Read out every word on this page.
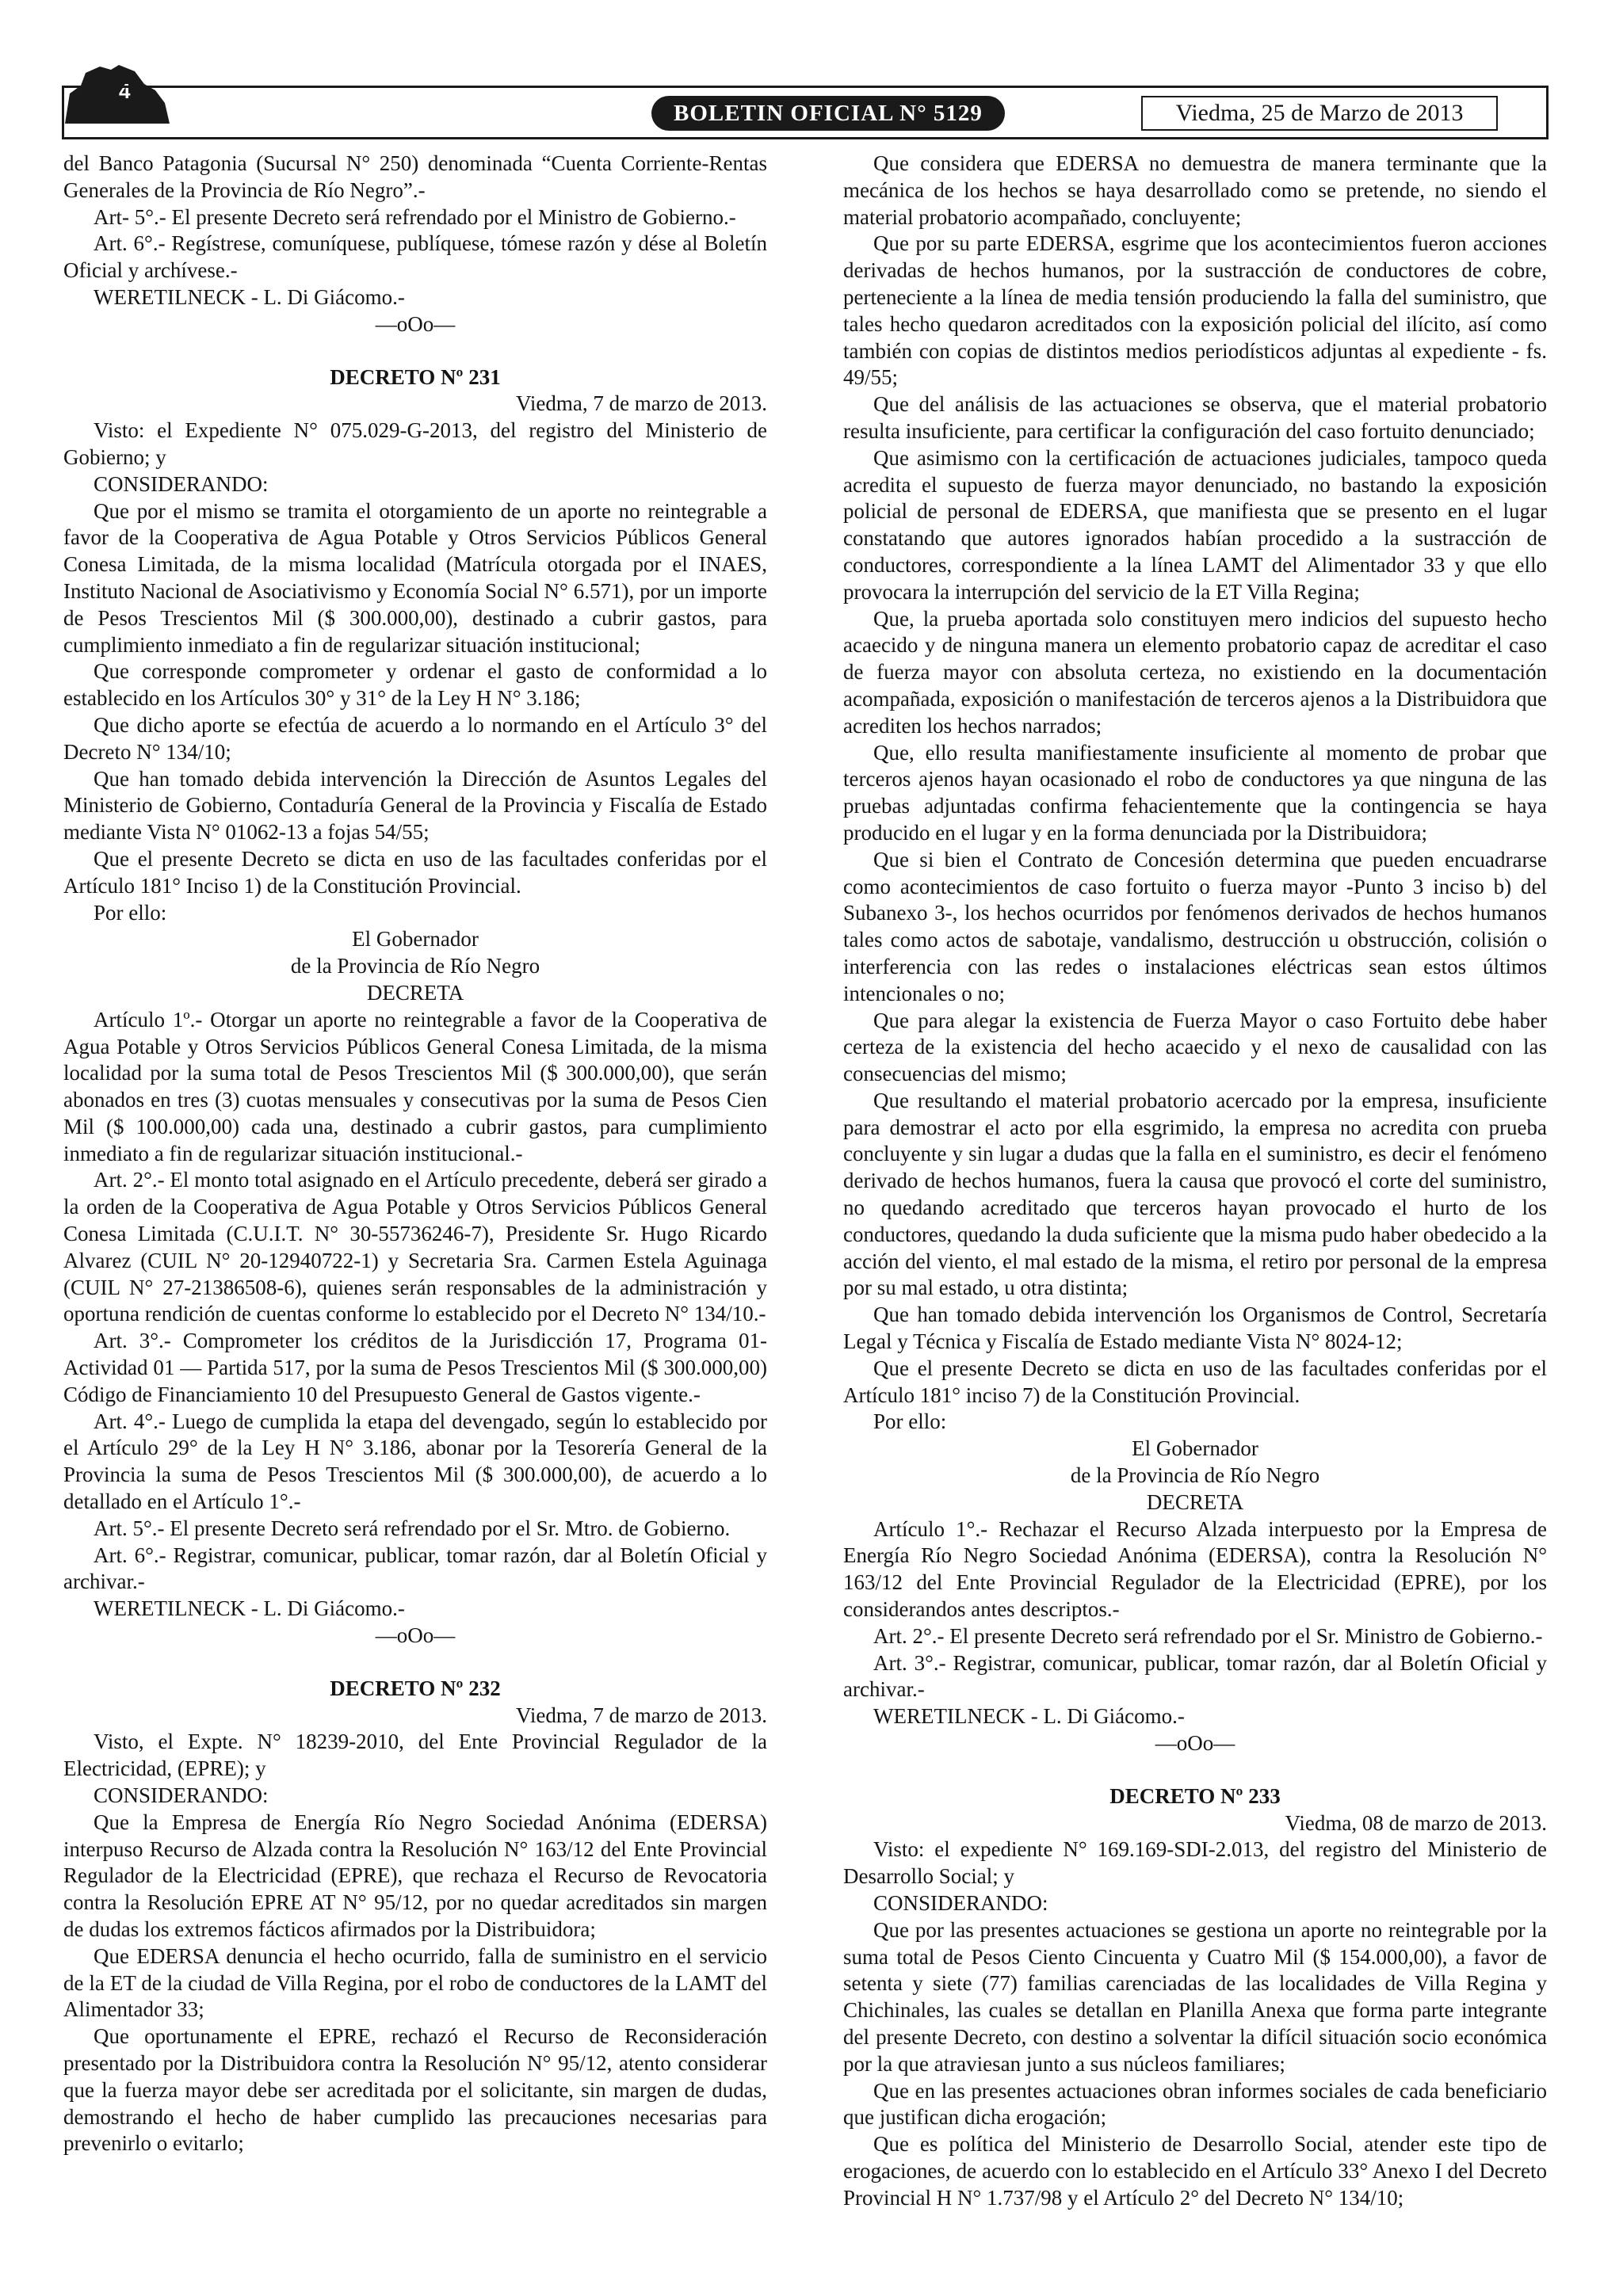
4
BOLETIN OFICIAL N° 5129	Viedma, 25 de Marzo de 2013

del Banco Patagonia (Sucursal N° 250) denominada “Cuenta Corriente-Rentas Generales de la Provincia de Río Negro”.-

Art- 5°.- El presente Decreto será refrendado por el Ministro de Gobierno.-

Art. 6°.- Regístrese, comuníquese, publíquese, tómese razón y dése al Boletín Oficial y archívese.-

WERETILNECK - L. Di Giácomo.-

—oOo—

DECRETO Nº 231

Viedma, 7 de marzo de 2013.

Visto: el Expediente N° 075.029-G-2013, del registro del Ministerio de Gobierno; y

CONSIDERANDO:

Que por el mismo se tramita el otorgamiento de un aporte no reintegrable a favor de la Cooperativa de Agua Potable y Otros Servicios Públicos General Conesa Limitada, de la misma localidad (Matrícula otorgada por el INAES, Instituto Nacional de Asociativismo y Economía Social N° 6.571), por un importe de Pesos Trescientos Mil ($ 300.000,00), destinado a cubrir gastos, para cumplimiento inmediato a fin de regularizar situación institucional;

Que corresponde comprometer y ordenar el gasto de conformidad a lo establecido en los Artículos 30° y 31° de la Ley H N° 3.186;

Que dicho aporte se efectúa de acuerdo a lo normando en el Artículo 3° del Decreto N° 134/10;

Que han tomado debida intervención la Dirección de Asuntos Legales del Ministerio de Gobierno, Contaduría General de la Provincia y Fiscalía de Estado mediante Vista N° 01062-13 a fojas 54/55;

Que el presente Decreto se dicta en uso de las facultades conferidas por el Artículo 181° Inciso 1) de la Constitución Provincial.

Por ello:

El Gobernador

de la Provincia de Río Negro

DECRETA

Artículo 1º.- Otorgar un aporte no reintegrable a favor de la Cooperativa de Agua Potable y Otros Servicios Públicos General Conesa Limitada, de la misma localidad por la suma total de Pesos Trescientos Mil ($ 300.000,00), que serán abonados en tres (3) cuotas mensuales y consecutivas por la suma de Pesos Cien Mil ($ 100.000,00) cada una, destinado a cubrir gastos, para cumplimiento inmediato a fin de regularizar situación institucional.-

Art. 2°.- El monto total asignado en el Artículo precedente, deberá ser girado a la orden de la Cooperativa de Agua Potable y Otros Servicios Públicos General Conesa Limitada (C.U.I.T. N° 30-55736246-7), Presidente Sr. Hugo Ricardo Alvarez (CUIL N° 20-12940722-1) y Secretaria Sra. Carmen Estela Aguinaga (CUIL N° 27-21386508-6), quienes serán responsables de la administración y oportuna rendición de cuentas conforme lo establecido por el Decreto N° 134/10.-

Art. 3°.- Comprometer los créditos de la Jurisdicción 17, Programa 01-Actividad 01 — Partida 517, por la suma de Pesos Trescientos Mil ($ 300.000,00) Código de Financiamiento 10 del Presupuesto General de Gastos vigente.-

Art. 4°.- Luego de cumplida la etapa del devengado, según lo establecido por el Artículo 29° de la Ley H N° 3.186, abonar por la Tesorería General de la Provincia la suma de Pesos Trescientos Mil ($ 300.000,00), de acuerdo a lo detallado en el Artículo 1°.-

Art. 5°.- El presente Decreto será refrendado por el Sr. Mtro. de Gobierno.

Art. 6°.- Registrar, comunicar, publicar, tomar razón, dar al Boletín Oficial y archivar.-

WERETILNECK - L. Di Giácomo.-

—oOo—

DECRETO Nº 232

Viedma, 7 de marzo de 2013.

Visto, el Expte. N° 18239-2010, del Ente Provincial Regulador de la Electricidad, (EPRE); y

CONSIDERANDO:

Que la Empresa de Energía Río Negro Sociedad Anónima (EDERSA) interpuso Recurso de Alzada contra la Resolución N° 163/12 del Ente Provincial Regulador de la Electricidad (EPRE), que rechaza el Recurso de Revocatoria contra la Resolución EPRE AT N° 95/12, por no quedar acreditados sin margen de dudas los extremos fácticos afirmados por la Distribuidora;

Que EDERSA denuncia el hecho ocurrido, falla de suministro en el servicio de la ET de la ciudad de Villa Regina, por el robo de conductores de la LAMT del Alimentador 33;

Que oportunamente el EPRE, rechazó el Recurso de Reconsideración presentado por la Distribuidora contra la Resolución N° 95/12, atento considerar que la fuerza mayor debe ser acreditada por el solicitante, sin margen de dudas, demostrando el hecho de haber cumplido las precauciones necesarias para prevenirlo o evitarlo;

Que considera que EDERSA no demuestra de manera terminante que la mecánica de los hechos se haya desarrollado como se pretende, no siendo el material probatorio acompañado, concluyente;

Que por su parte EDERSA, esgrime que los acontecimientos fueron acciones derivadas de hechos humanos, por la sustracción de conductores de cobre, perteneciente a la línea de media tensión produciendo la falla del suministro, que tales hecho quedaron acreditados con la exposición policial del ilícito, así como también con copias de distintos medios periodísticos adjuntas al expediente - fs. 49/55;

Que del análisis de las actuaciones se observa, que el material probatorio resulta insuficiente, para certificar la configuración del caso fortuito denunciado;

Que asimismo con la certificación de actuaciones judiciales, tampoco queda acredita el supuesto de fuerza mayor denunciado, no bastando la exposición policial de personal de EDERSA, que manifiesta que se presento en el lugar constatando que autores ignorados habían procedido a la sustracción de conductores, correspondiente a la línea LAMT del Alimentador 33 y que ello provocara la interrupción del servicio de la ET Villa Regina;

Que, la prueba aportada solo constituyen mero indicios del supuesto hecho acaecido y de ninguna manera un elemento probatorio capaz de acreditar el caso de fuerza mayor con absoluta certeza, no existiendo en la documentación acompañada, exposición o manifestación de terceros ajenos a la Distribuidora que acrediten los hechos narrados;

Que, ello resulta manifiestamente insuficiente al momento de probar que terceros ajenos hayan ocasionado el robo de conductores ya que ninguna de las pruebas adjuntadas confirma fehacientemente que la contingencia se haya producido en el lugar y en la forma denunciada por la Distribuidora;

Que si bien el Contrato de Concesión determina que pueden encuadrarse como acontecimientos de caso fortuito o fuerza mayor -Punto 3 inciso b) del Subanexo 3-, los hechos ocurridos por fenómenos derivados de hechos humanos tales como actos de sabotaje, vandalismo, destrucción u obstrucción, colisión o interferencia con las redes o instalaciones eléctricas sean estos últimos intencionales o no;

Que para alegar la existencia de Fuerza Mayor o caso Fortuito debe haber certeza de la existencia del hecho acaecido y el nexo de causalidad con las consecuencias del mismo;

Que resultando el material probatorio acercado por la empresa, insuficiente para demostrar el acto por ella esgrimido, la empresa no acredita con prueba concluyente y sin lugar a dudas que la falla en el suministro, es decir el fenómeno derivado de hechos humanos, fuera la causa que provocó el corte del suministro, no quedando acreditado que terceros hayan provocado el hurto de los conductores, quedando la duda suficiente que la misma pudo haber obedecido a la acción del viento, el mal estado de la misma, el retiro por personal de la empresa por su mal estado, u otra distinta;

Que han tomado debida intervención los Organismos de Control, Secretaría Legal y Técnica y Fiscalía de Estado mediante Vista N° 8024-12;

Que el presente Decreto se dicta en uso de las facultades conferidas por el Artículo 181° inciso 7) de la Constitución Provincial.

Por ello:

El Gobernador

de la Provincia de Río Negro

DECRETA

Artículo 1°.- Rechazar el Recurso Alzada interpuesto por la Empresa de Energía Río Negro Sociedad Anónima (EDERSA), contra la Resolución N° 163/12 del Ente Provincial Regulador de la Electricidad (EPRE), por los considerandos antes descriptos.-

Art. 2°.- El presente Decreto será refrendado por el Sr. Ministro de Gobierno.-

Art. 3°.- Registrar, comunicar, publicar, tomar razón, dar al Boletín Oficial y archivar.-

WERETILNECK - L. Di Giácomo.-

—oOo—

DECRETO Nº 233

Viedma, 08 de marzo de 2013.

Visto: el expediente N° 169.169-SDI-2.013, del registro del Ministerio de Desarrollo Social; y

CONSIDERANDO:

Que por las presentes actuaciones se gestiona un aporte no reintegrable por la suma total de Pesos Ciento Cincuenta y Cuatro Mil ($ 154.000,00), a favor de setenta y siete (77) familias carenciadas de las localidades de Villa Regina y Chichinales, las cuales se detallan en Planilla Anexa que forma parte integrante del presente Decreto, con destino a solventar la difícil situación socio económica por la que atraviesan junto a sus núcleos familiares;

Que en las presentes actuaciones obran informes sociales de cada beneficiario que justifican dicha erogación;

Que es política del Ministerio de Desarrollo Social, atender este tipo de erogaciones, de acuerdo con lo establecido en el Artículo 33° Anexo I del Decreto Provincial H N° 1.737/98 y el Artículo 2° del Decreto N° 134/10;
